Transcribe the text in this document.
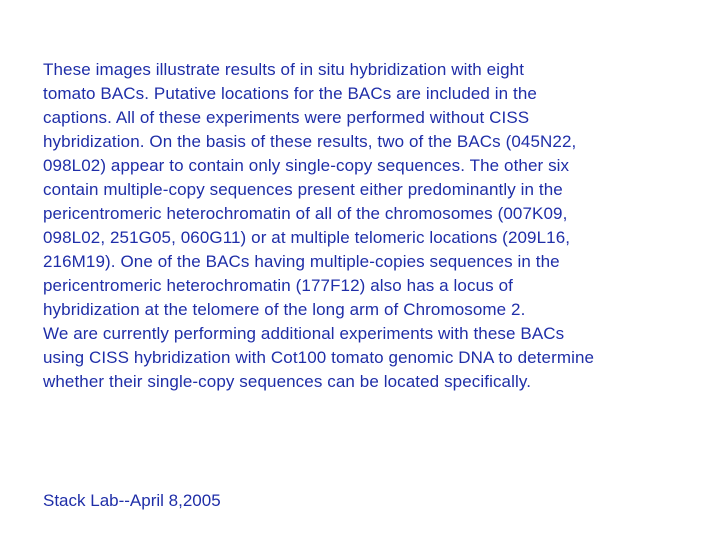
These images illustrate results of in situ hybridization with eight
tomato BACs. Putative locations for the BACs are included in the
captions. All of these experiments were performed without CISS
hybridization. On the basis of these results, two of the BACs (045N22,
098L02) appear to contain only single-copy sequences. The other six
contain multiple-copy sequences present either predominantly in the
pericentromeric heterochromatin of all of the chromosomes (007K09,
098L02, 251G05, 060G11) or at multiple telomeric locations (209L16,
216M19). One of the BACs having multiple-copies sequences in the
pericentromeric heterochromatin (177F12) also has a locus of
hybridization at the telomere of the long arm of Chromosome 2.
We are currently performing additional experiments with these BACs
using CISS hybridization with Cot100 tomato genomic DNA to determine
whether their single-copy sequences can be located specifically.
Stack Lab--April 8,2005
